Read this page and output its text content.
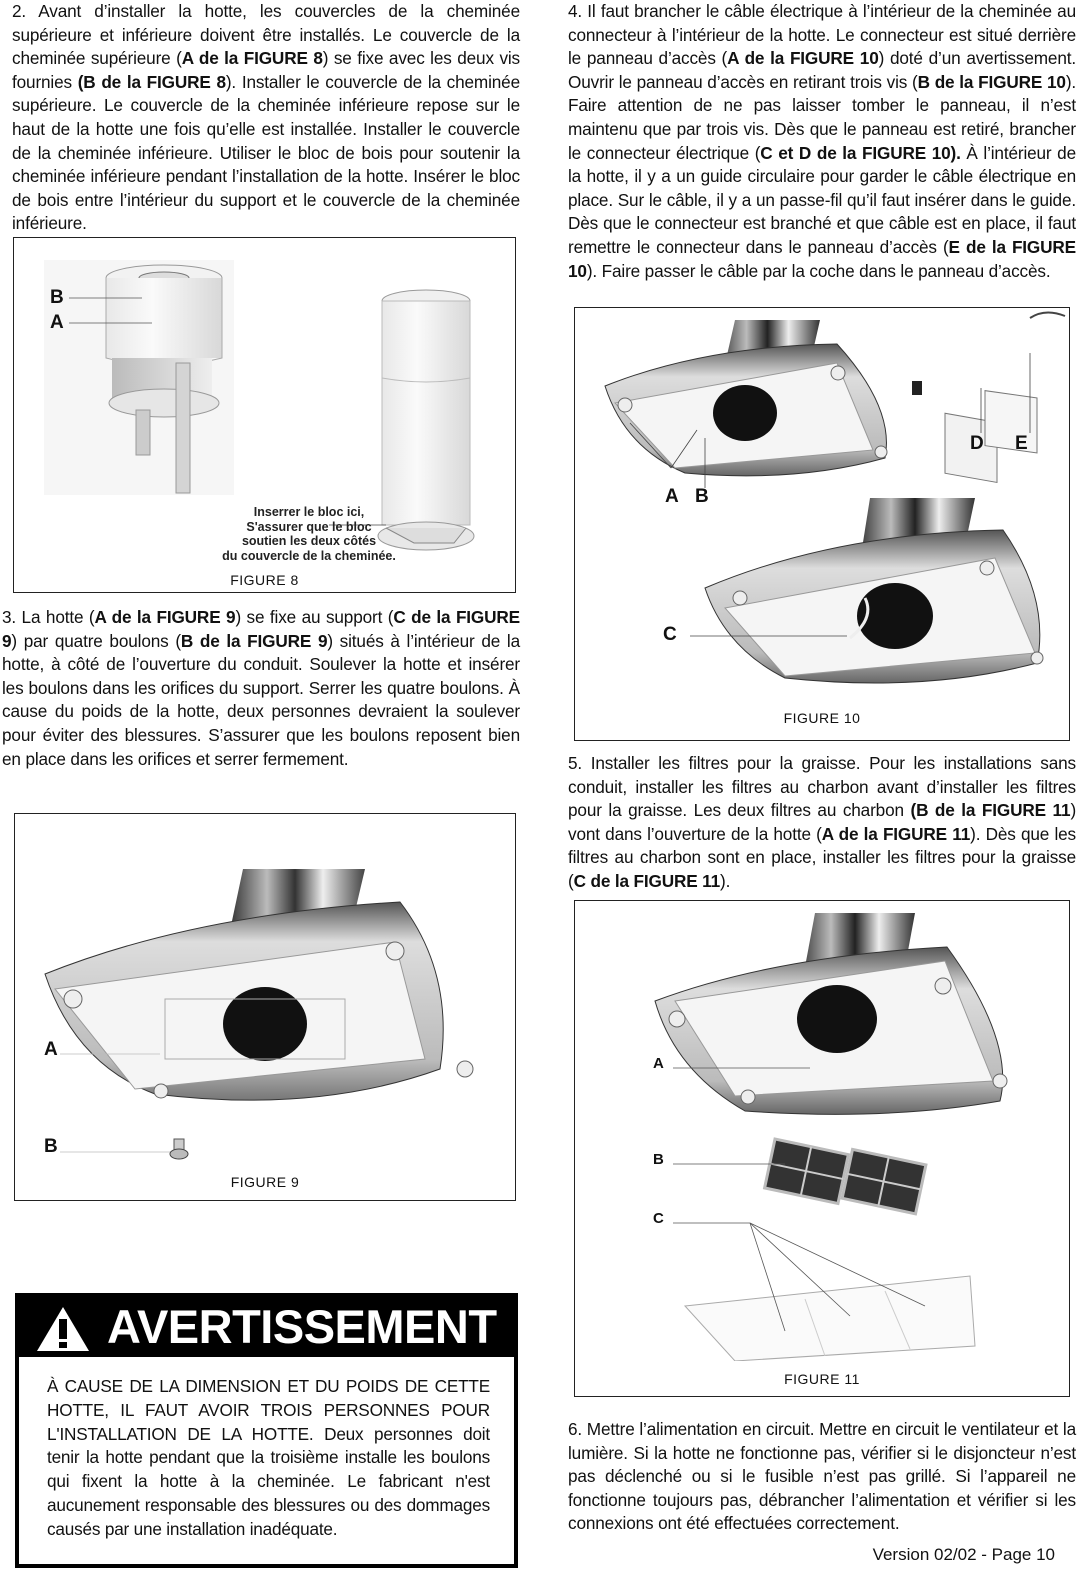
2. Avant d’installer la hotte, les couvercles de la cheminée supérieure et inférieure doivent être installés. Le couvercle de la cheminée supérieure (A de la FIGURE 8) se fixe avec les deux vis fournies (B de la FIGURE 8). Installer le couvercle de la cheminée supérieure. Le couvercle de la cheminée inférieure repose sur le haut de la hotte une fois qu’elle est installée. Installer le couvercle de la cheminée inférieure. Utiliser le bloc de bois pour soutenir la cheminée inférieure pendant l’installation de la hotte. Insérer le bloc de bois entre l’intérieur du support et le couvercle de la cheminée inférieure.
B
A
Inserrer le bloc ici,
S'assurer que le bloc
soutien les deux côtés
du couvercle de la cheminée.
FIGURE 8
3. La hotte (A de la FIGURE 9) se fixe au support (C de la FIGURE 9) par quatre boulons (B de la FIGURE 9) situés à l’intérieur de la hotte, à côté de l’ouverture du conduit. Soulever la hotte et insérer les boulons dans les orifices du support. Serrer les quatre boulons. À cause du poids de la hotte, deux personnes devraient la soulever pour éviter des blessures. S’assurer que les boulons reposent bien en place dans les orifices et serrer fermement.
A
B
FIGURE 9
AVERTISSEMENT
À CAUSE DE LA DIMENSION ET DU POIDS DE CETTE HOTTE, IL FAUT AVOIR TROIS PERSONNES POUR L'INSTALLATION DE LA HOTTE. Deux personnes doit tenir la hotte pendant que la troisième installe les boulons qui fixent la hotte à la cheminée. Le fabricant n'est aucunement responsable des blessures ou des dommages causés par une installation inadéquate.
4. Il faut brancher le câble électrique à l’intérieur de la cheminée au connecteur à l’intérieur de la hotte. Le connecteur est situé derrière le panneau d’accès (A de la FIGURE 10) doté d’un avertissement. Ouvrir le panneau d’accès en retirant trois vis (B de la FIGURE 10). Faire attention de ne pas laisser tomber le panneau, il n’est maintenu que par trois vis. Dès que le panneau est retiré, brancher le connecteur électrique (C et D de la FIGURE 10). À l’intérieur de la hotte, il y a un guide circulaire pour garder le câble électrique en place. Sur le câble, il y a un passe-fil qu’il faut insérer dans le guide. Dès que le connecteur est branché et que câble est en place, il faut remettre le connecteur dans le panneau d’accès (E de la FIGURE 10). Faire passer le câble par la coche dans le panneau d’accès.
A B
C
D E
FIGURE 10
5. Installer les filtres pour la graisse. Pour les installations sans conduit, installer les filtres au charbon avant d’installer les filtres pour la graisse. Les deux filtres au charbon (B de la FIGURE 11) vont dans l’ouverture de la hotte (A de la FIGURE 11). Dès que les filtres au charbon sont en place, installer les filtres pour la graisse (C de la FIGURE 11).
A
B
C
FIGURE 11
6. Mettre l’alimentation en circuit. Mettre en circuit le ventilateur et la lumière. Si la hotte ne fonctionne pas, vérifier si le disjoncteur n’est pas déclenché ou si le fusible n’est pas grillé. Si l’appareil ne fonctionne toujours pas, débrancher l’alimentation et vérifier si les connexions ont été effectuées correctement.
Version 02/02 - Page 10
